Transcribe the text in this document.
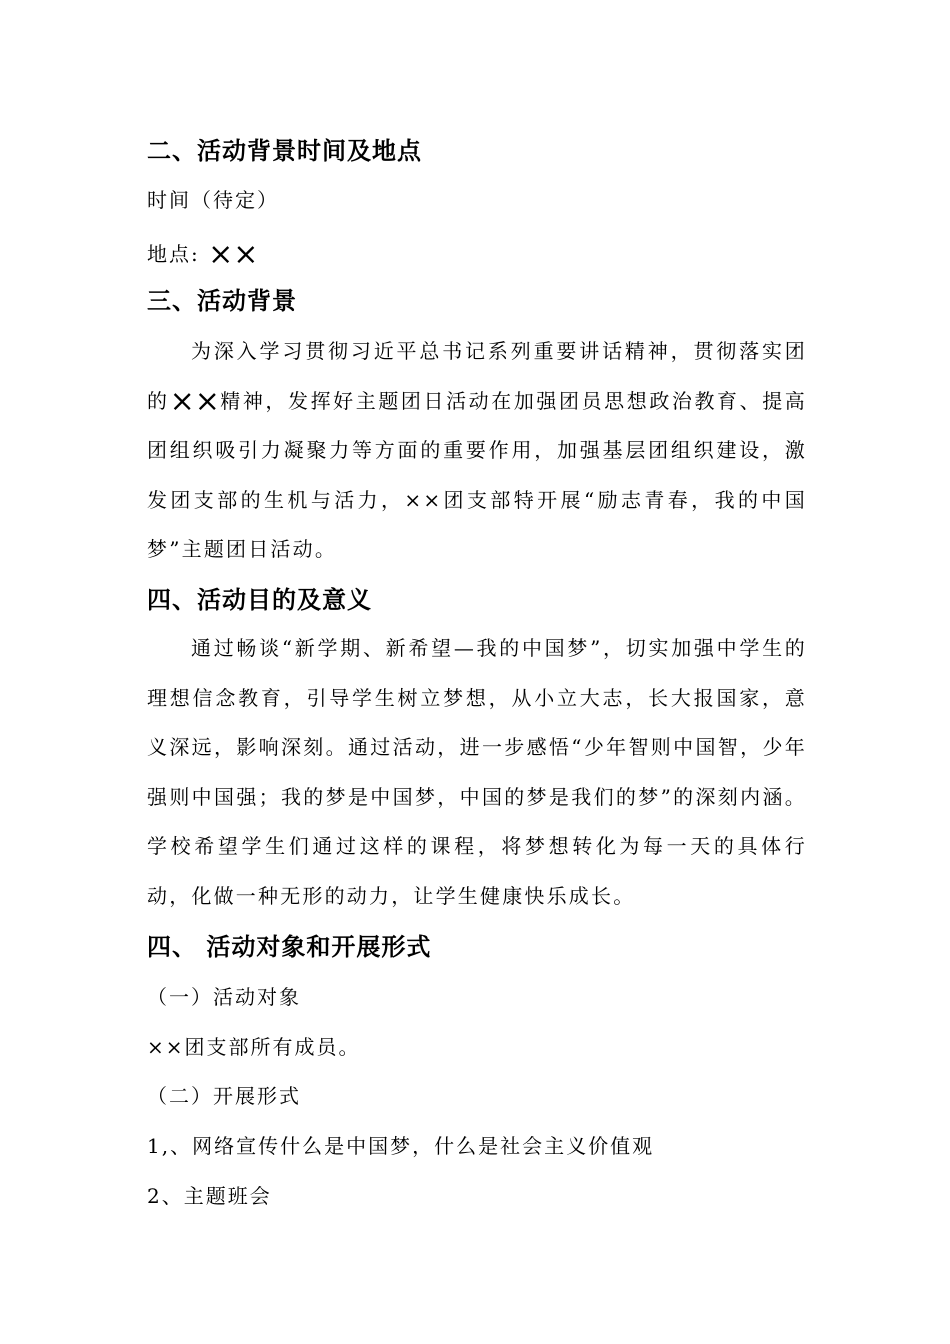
二、活动背景时间及地点
时间（待定）
地点: ××
三、活动背景
为深入学习贯彻习近平总书记系列重要讲话精神，贯彻落实团的××精神，发挥好主题团日活动在加强团员思想政治教育、提高团组织吸引力凝聚力等方面的重要作用，加强基层团组织建设，激发团支部的生机与活力，××团支部特开展“励志青春，我的中国梦”主题团日活动。
四、活动目的及意义
通过畅谈“新学期、新希望—我的中国梦”，切实加强中学生的理想信念教育，引导学生树立梦想，从小立大志，长大报国家，意义深远，影响深刻。通过活动，进一步感悟“少年智则中国智，少年强则中国强；我的梦是中国梦，中国的梦是我们的梦”的深刻内涵。学校希望学生们通过这样的课程，将梦想转化为每一天的具体行动，化做一种无形的动力，让学生健康快乐成长。
四、 活动对象和开展形式
（一）活动对象
××团支部所有成员。
（二）开展形式
1,、网络宣传什么是中国梦，什么是社会主义价值观
2、主题班会
